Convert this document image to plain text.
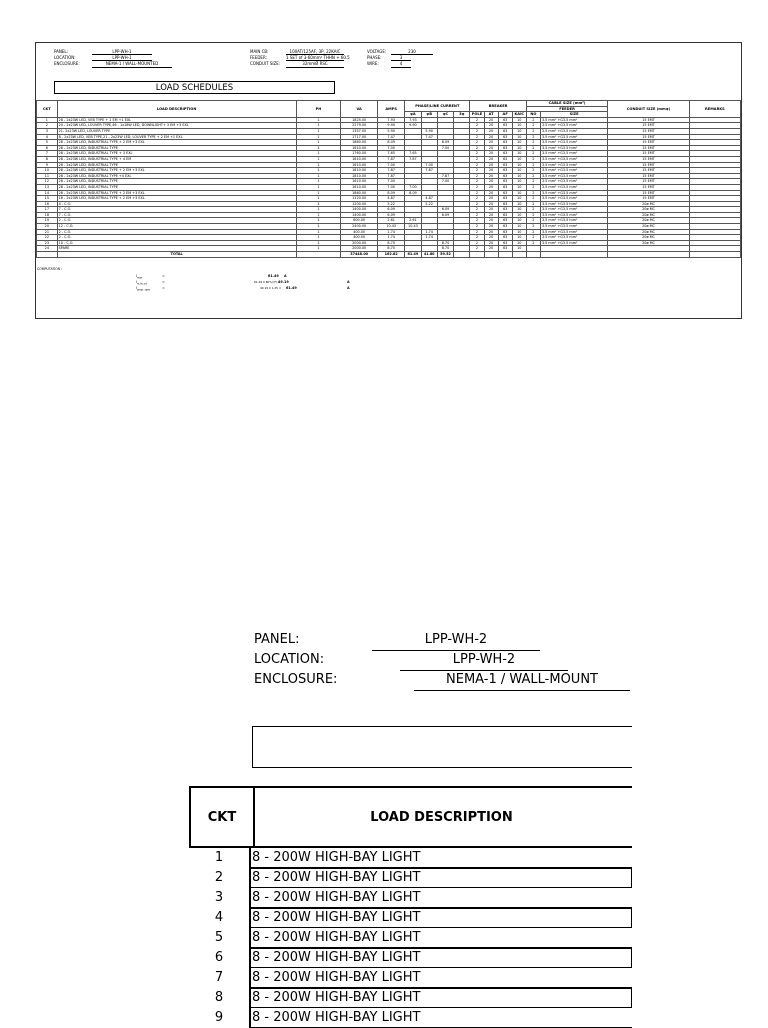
PANEL:	LPP-WH-1
LOCATION:	LPP-WH-1
ENCLOSURE:	NEMA-1 / WALL-MOUNTED
MAIN CB:	100AT/125AF, 3P, 22KAIC
FEEDER:	1 SET of 3-60mm² THHN + 60.5
CONDUIT SIZE:	32mmØ RSC
VOLTAGE:	230
PHASE:	3
WIRE:	4
LOAD SCHEDULES
CKT	LOAD DESCRIPTION	PH	VA	AMPS	PHASE/LINE CURRENT				BREAKER				CABLE SIZE (mm²)		CONDUIT SIZE (mmφ)	REMARKS
													FEEDER			
					φA	φB	φC	3φ	POLE	AT	AF	KAIC	NO	SIZE		
1	28 - 2x23W LED, VEB TYPE + 1 EM +1 EXL	1	1825.00	7.93	7.93				2	20	63	10	2	3.5 mm² +G3.5 mm²	15 EMT	
2	20 - 2x23W LED, LOUVER TYPE,46 - 1x18W LED, DOWNLIGHT+ 3 EM +3 EXL	1	2279.00	9.90	9.90				2	20	63	10	2	3.5 mm² +G3.5 mm²	15 EMT	
3	21- 2x23W LED, LOUVER TYPE	1	1357.00	5.90		5.90			2	20	63	10	2	3.5 mm² +G3.5 mm²	15 EMT	
4	8 - 2x23W LED, VEB TYPE,21 - 2x23W LED, LOUVER TYPE + 2 EM +1 EXL	1	1717.00	7.47		7.47			2	20	63	10	2	3.5 mm² +G3.5 mm²	15 EMT	
5	28 - 2x23W LED, INDUSTRIAL TYPE + 2 EM +3 EXL	1	1860.00	8.09			8.09		2	20	63	10	2	3.5 mm² +G3.5 mm²	15 EMT	
6	28 - 2x23W LED, INDUSTRIAL TYPE	1	1610.00	7.00			7.00		2	20	63	10	2	3.5 mm² +G3.5 mm²	15 EMT	
7	28 - 2x23W LED, INDUSTRIAL TYPE + 3 EXL	1	1760.00	7.65	7.65				2	20	63	10	2	3.5 mm² +G3.5 mm²	15 EMT	
8	28 - 2x23W LED, INDUSTRIAL TYPE + 4 EM	1	1810.00	7.87	7.87				2	20	63	10	2	3.5 mm² +G3.5 mm²	15 EMT	
9	28 - 2x23W LED, INDUSTRIAL TYPE	1	1610.00	7.00		7.00			2	20	63	10	2	3.5 mm² +G3.5 mm²	15 EMT	
10	28 - 2x23W LED, INDUSTRIAL TYPE + 2 EM +3 EXL	1	1810.00	7.87		7.87			2	20	63	10	2	3.5 mm² +G3.5 mm²	15 EMT	
11	28 - 2x23W LED, INDUSTRIAL TYPE +4 EXL	1	1810.00	7.87			7.87		2	20	63	10	2	3.5 mm² +G3.5 mm²	15 EMT	
12	28 - 2x23W LED, INDUSTRIAL TYPE	1	1610.00	7.00			7.00		2	20	63	10	2	3.5 mm² +G3.5 mm²	15 EMT	
13	28 - 2x23W LED, INDUSTRIAL TYPE	1	1610.00	7.00	7.00				2	20	63	10	2	3.5 mm² +G3.5 mm²	15 EMT	
14	28 - 2x23W LED, INDUSTRIAL TYPE + 2 EM +3 EXL	1	1860.00	8.09	8.09				2	20	63	10	2	3.5 mm² +G3.5 mm²	15 EMT	
15	16 - 2x23W LED, INDUSTRIAL TYPE + 2 EM +3 EXL	1	1120.00	4.87		4.87			2	20	63	10	2	3.5 mm² +G3.5 mm²	15 EMT	
16	4 - C.O.	1	1200.00	5.22		5.22			2	20	63	10	2	3.5 mm² +G3.5 mm²	20ø MC	
17	7 - C.O.	1	1400.00	6.09			6.09		2	20	63	10	2	3.5 mm² +G3.5 mm²	20ø MC	
18	7 - C.O.	1	1400.00	6.09			6.09		2	20	63	10	2	3.5 mm² +G3.5 mm²	20ø MC	
19	2 - C.O.	1	600.00	2.61	2.61				2	20	63	10	2	3.5 mm² +G3.5 mm²	20ø MC	
20	12 - C.O.	1	2400.00	10.43	10.43				2	20	63	10	2	3.5 mm² +G3.5 mm²	20ø MC	
21	2 - C.O.	1	400.00	1.74		1.74			2	20	63	10	2	3.5 mm² +G3.5 mm²	20ø MC	
22	2 - C.O.	1	400.00	1.74		1.74			2	20	63	10	2	3.5 mm² +G3.5 mm²	20ø MC	
23	10 - C.O.	1	2000.00	8.70			8.70		2	20	63	10	2	3.5 mm² +G3.5 mm²	20ø MC	
24	SPARE	1	2000.00	8.70			8.70		2	20	63	10				
	TOTAL		37448.00	162.82	61.49	41.80	59.52									
COMPUTATION :
$I_{max}$
=	61.49 A
$I_{m.Ac.od}$
=	61.49 X 80%(3*)+
49.19	A
$I_{ampr. spec}$
=	49.19 X 1.25 = 61.49	A
PANEL:	LPP-WH-2
LOCATION:	LPP-WH-2
ENCLOSURE:	NEMA-1 / WALL-MOUNT
CKT	LOAD DESCRIPTION
1	8 - 200W HIGH-BAY LIGHT
2	8 - 200W HIGH-BAY LIGHT
3	8 - 200W HIGH-BAY LIGHT
4	8 - 200W HIGH-BAY LIGHT
5	8 - 200W HIGH-BAY LIGHT
6	8 - 200W HIGH-BAY LIGHT
7	8 - 200W HIGH-BAY LIGHT
8	8 - 200W HIGH-BAY LIGHT
9	8 - 200W HIGH-BAY LIGHT
